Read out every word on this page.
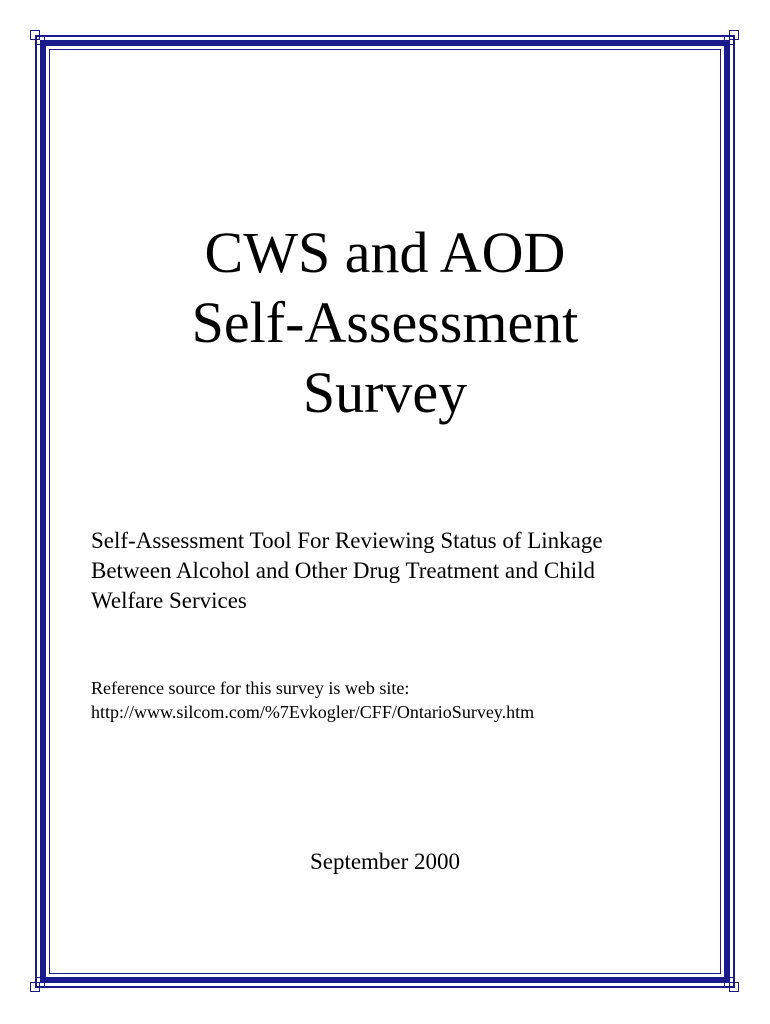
CWS and AOD
Self-Assessment
Survey

Self-Assessment Tool For Reviewing Status of Linkage
Between Alcohol and Other Drug Treatment and Child
Welfare Services

Reference source for this survey is web site:
http://www.silcom.com/%7Evkogler/CFF/OntarioSurvey.htm

September 2000
